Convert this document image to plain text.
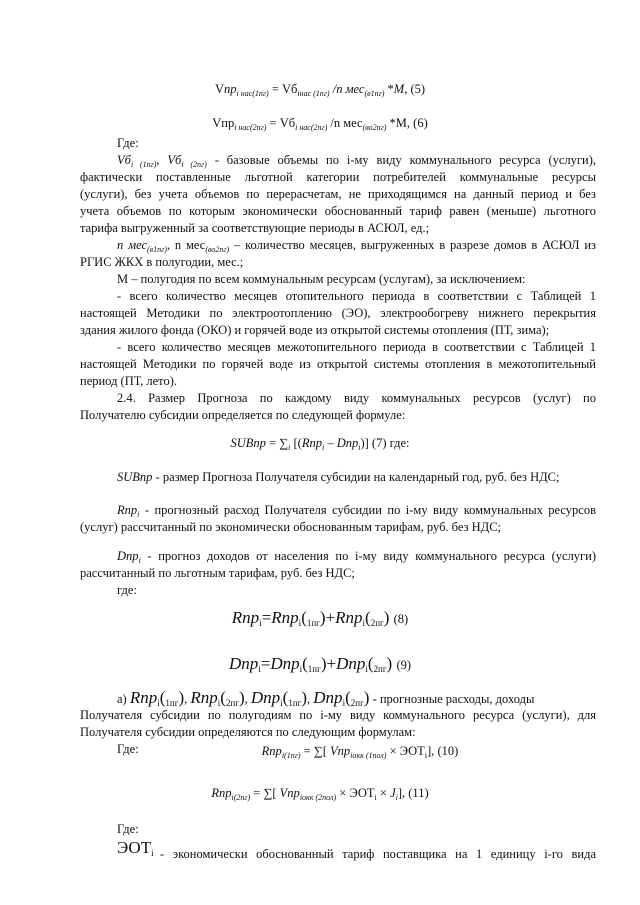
$Vпр_{i нас(1пг)} = Vб_{iнас (1пг)}$ /n мес$_{(в1пг)}$ *М, (5)
$Vпр_{i нас(2пг)} = Vб_{i нас(2пг)}$ /n мес$_{(во2пг)}$ *М, (6)
Где:
$Vб_{i (1пг)}$, $Vб_{i (2пг)}$ - базовые объемы по i-му виду коммунального ресурса (услуги),
фактически поставленные льготной категории потребителей коммунальные ресурсы
(услуги), без учета объемов по перерасчетам, не приходящимся на данный период и без
учета объемов по которым экономически обоснованный тариф равен (меньше) льготного
тарифа выгруженный за соответствующие периоды в АСЮЛ, ед.;
n мес$_{(в1пг)}$, n мес$_{(во2пг)}$ – количество месяцев, выгруженных в разрезе домов в АСЮЛ из
РГИС ЖКХ в полугодии, мес.;
М – полугодия по всем коммунальным ресурсам (услугам), за исключением:
- всего количество месяцев отопительного периода в соответствии с Таблицей 1
настоящей Методики по электроотоплению (ЭО), электрообогреву нижнего перекрытия
здания жилого фонда (ОКО) и горячей воде из открытой системы отопления (ПТ, зима);
- всего количество месяцев межотопительного периода в соответствии с Таблицей 1
настоящей Методики по горячей воде из открытой системы отопления в межотопительный
период (ПТ, лето).
2.4. Размер Прогноза по каждому виду коммунальных ресурсов (услуг) по
Получателю субсидии определяется по следующей формуле:
SUBпр = $\sum_i$ [(Rпр$_i$ – Dпр$_i$)] (7) где:
SUBпр - размер Прогноза Получателя субсидии на календарный год, руб. без НДС;
Rпр$_i$ - прогнозный расход Получателя субсидии по i-му виду коммунальных ресурсов
(услуг) рассчитанный по экономически обоснованным тарифам, руб. без НДС;
Dпр$_i$ - прогноз доходов от населения по i-му виду коммунального ресурса (услуги)
рассчитанный по льготным тарифам, руб. без НДС;
где:
$Rпр_i=Rпр_i(_{1пг})+Rпр_i(_{2пг})$ (8)
$Dпр_i=Dпр_i(_{1пг})+Dпр_i(_{2пг})$ (9)
а) $Rпр_i(_{1пг})$, $Rпр_i(_{2пг})$, $Dпр_i(_{1пг})$, $Dпр_i(_{2пг})$ - прогнозные расходы, доходы
Получателя субсидии по полугодиям по i-му виду коммунального ресурса (услуги), для
Получателя субсидии определяются по следующим формулам:
Где:	Rпр$_{i(1пг)}$ = ∑[ $Vпр_{iокк (1пол)} \times ЭОТ_i$], (10)
Rпр$_{i(2пг)}$ = ∑[ $Vпр_{iокк (2пол)} \times ЭОТ_i \times J_i$], (11)
Где:
$ЭОТ_i$ - экономически обоснованный тариф поставщика на 1 единицу i-го вида
